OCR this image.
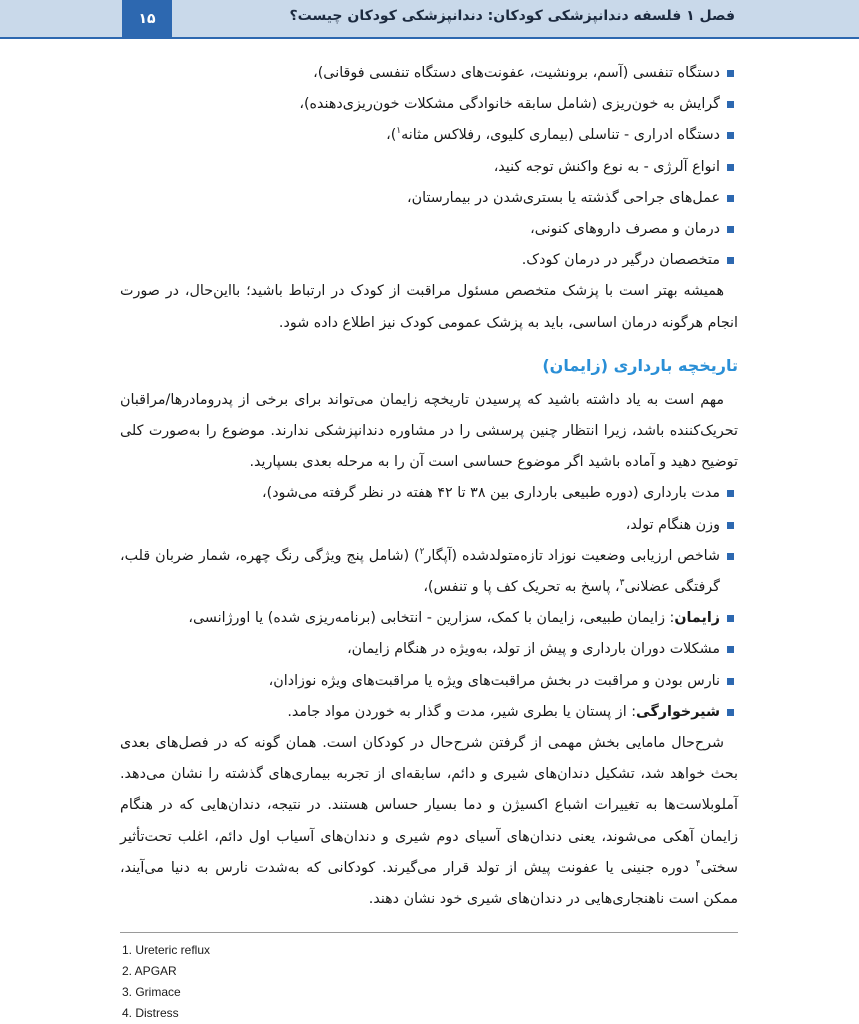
فصل ۱ فلسفه دندانپزشکی کودکان: دندانپزشکی کودکان چیست؟
۱۵
دستگاه تنفسی (آسم، برونشیت، عفونت‌های دستگاه تنفسی فوقانی)،
گرایش به خون‌ریزی (شامل سابقه خانوادگی مشکلات خون‌ریزی‌دهنده)،
دستگاه ادراری - تناسلی (بیماری کلیوی، رفلاکس مثانه$^۱$)،
انواع آلرژی - به نوع واکنش توجه کنید،
عمل‌های جراحی گذشته یا بستری‌شدن در بیمارستان،
درمان و مصرف داروهای کنونی،
متخصصان درگیر در درمان کودک.

همیشه بهتر است با پزشک متخصص مسئول مراقبت از کودک در ارتباط باشید؛ بااین‌حال، در صورت انجام هرگونه درمان اساسی، باید به پزشک عمومی کودک نیز اطلاع داده شود.

تاریخچه بارداری (زایمان)

مهم است به یاد داشته باشید که پرسیدن تاریخچه زایمان می‌تواند برای برخی از پدرومادرها/مراقبان تحریک‌کننده باشد، زیرا انتظار چنین پرسشی را در مشاوره دندانپزشکی ندارند. موضوع را به‌صورت کلی توضیح دهید و آماده باشید اگر موضوع حساسی است آن را به مرحله بعدی بسپارید.

مدت بارداری (دوره طبیعی بارداری بین ۳۸ تا ۴۲ هفته در نظر گرفته می‌شود)،
وزن هنگام تولد،
شاخص ارزیابی وضعیت نوزاد تازه‌متولدشده (آپگار$^۲$) (شامل پنج ویژگی رنگ چهره، شمار ضربان قلب، گرفتگی عضلانی$^۳$، پاسخ به تحریک کف پا و تنفس)،
زایمان: زایمان طبیعی، زایمان با کمک، سزارین - انتخابی (برنامه‌ریزی شده) یا اورژانسی،
مشکلات دوران بارداری و پیش از تولد، به‌ویژه در هنگام زایمان،
نارس بودن و مراقبت در بخش مراقبت‌های ویژه یا مراقبت‌های ویژه نوزادان،
شیرخوارگی: از پستان یا بطری شیر، مدت و گذار به خوردن مواد جامد.

شرح‌حال مامایی بخش مهمی از گرفتن شرح‌حال در کودکان است. همان گونه که در فصل‌های بعدی بحث خواهد شد، تشکیل دندان‌های شیری و دائم، سابقه‌ای از تجربه بیماری‌های گذشته را نشان می‌دهد. آملوبلاست‌ها به تغییرات اشباع اکسیژن و دما بسیار حساس هستند. در نتیجه، دندان‌هایی که در هنگام زایمان آهکی می‌شوند، یعنی دندان‌های آسیای دوم شیری و دندان‌های آسیاب اول دائم، اغلب تحت‌تأثیر سختی$^۴$ دوره جنینی یا عفونت پیش از تولد قرار می‌گیرند. کودکانی که به‌شدت نارس به دنیا می‌آیند، ممکن است ناهنجاری‌هایی در دندان‌های شیری خود نشان دهند.

1. Ureteric reflux
2. APGAR
3. Grimace
4. Distress
